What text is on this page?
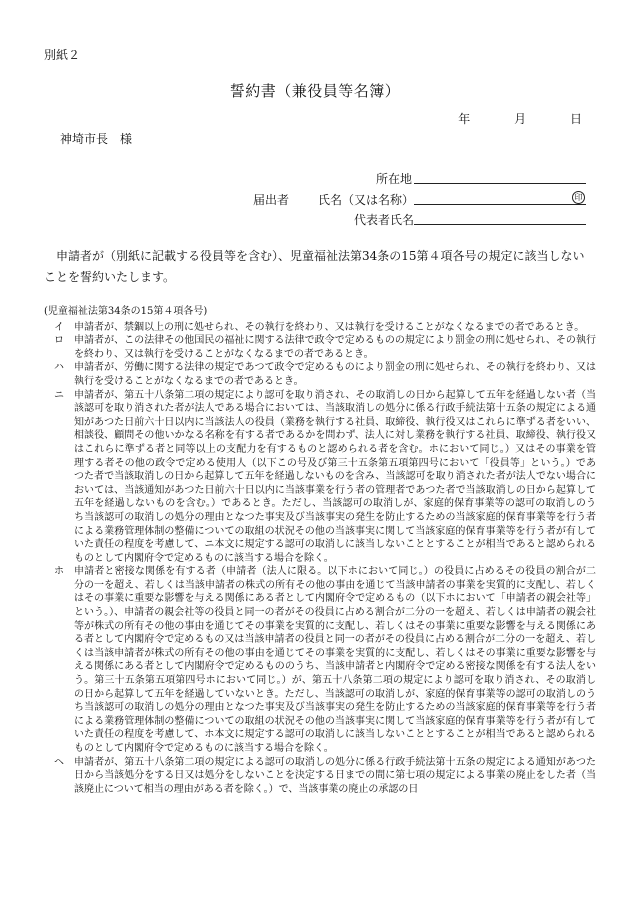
別紙２
誓約書（兼役員等名簿）
年	月	日
神埼市長　様
所在地
届出者 氏名（又は名称）	印
代表者氏名
申請者が（別紙に記載する役員等を含む）、児童福祉法第34条の15第４項各号の規定に該当しないことを誓約いたします。
(児童福祉法第34条の15第４項各号)
イ	申請者が、禁錮以上の刑に処せられ、その執行を終わり、又は執行を受けることがなくなるまでの者であるとき。
ロ	申請者が、この法律その他国民の福祉に関する法律で政令で定めるものの規定により罰金の刑に処せられ、その執行を終わり、又は執行を受けることがなくなるまでの者であるとき。
ハ	申請者が、労働に関する法律の規定であつて政令で定めるものにより罰金の刑に処せられ、その執行を終わり、又は執行を受けることがなくなるまでの者であるとき。
ニ	申請者が、第五十八条第二項の規定により認可を取り消され、その取消しの日から起算して五年を経過しない者（当該認可を取り消された者が法人である場合においては、当該取消しの処分に係る行政手続法第十五条の規定による通知があつた日前六十日以内に当該法人の役員（業務を執行する社員、取締役、執行役又はこれらに準ずる者をいい、相談役、顧問その他いかなる名称を有する者であるかを問わず、法人に対し業務を執行する社員、取締役、執行役又はこれらに準ずる者と同等以上の支配力を有するものと認められる者を含む。ホにおいて同じ。）又はその事業を管理する者その他の政令で定める使用人（以下この号及び第三十五条第五項第四号において「役員等」という。）であつた者で当該取消しの日から起算して五年を経過しないものを含み、当該認可を取り消された者が法人でない場合においては、当該通知があつた日前六十日以内に当該事業を行う者の管理者であつた者で当該取消しの日から起算して五年を経過しないものを含む。）であるとき。ただし、当該認可の取消しが、家庭的保育事業等の認可の取消しのうち当該認可の取消しの処分の理由となつた事実及び当該事実の発生を防止するための当該家庭的保育事業等を行う者による業務管理体制の整備についての取組の状況その他の当該事実に関して当該家庭的保育事業等を行う者が有していた責任の程度を考慮して、ニ本文に規定する認可の取消しに該当しないこととすることが相当であると認められるものとして内閣府令で定めるものに該当する場合を除く。
ホ	申請者と密接な関係を有する者（申請者（法人に限る。以下ホにおいて同じ。）の役員に占めるその役員の割合が二分の一を超え、若しくは当該申請者の株式の所有その他の事由を通じて当該申請者の事業を実質的に支配し、若しくはその事業に重要な影響を与える関係にある者として内閣府令で定めるもの（以下ホにおいて「申請者の親会社等」という。）、申請者の親会社等の役員と同一の者がその役員に占める割合が二分の一を超え、若しくは申請者の親会社等が株式の所有その他の事由を通じてその事業を実質的に支配し、若しくはその事業に重要な影響を与える関係にある者として内閣府令で定めるもの又は当該申請者の役員と同一の者がその役員に占める割合が二分の一を超え、若しくは当該申請者が株式の所有その他の事由を通じてその事業を実質的に支配し、若しくはその事業に重要な影響を与える関係にある者として内閣府令で定めるもののうち、当該申請者と内閣府令で定める密接な関係を有する法人をいう。第三十五条第五項第四号ホにおいて同じ。）が、第五十八条第二項の規定により認可を取り消され、その取消しの日から起算して五年を経過していないとき。ただし、当該認可の取消しが、家庭的保育事業等の認可の取消しのうち当該認可の取消しの処分の理由となつた事実及び当該事実の発生を防止するための当該家庭的保育事業等を行う者による業務管理体制の整備についての取組の状況その他の当該事実に関して当該家庭的保育事業等を行う者が有していた責任の程度を考慮して、ホ本文に規定する認可の取消しに該当しないこととすることが相当であると認められるものとして内閣府令で定めるものに該当する場合を除く。
ヘ	申請者が、第五十八条第二項の規定による認可の取消しの処分に係る行政手続法第十五条の規定による通知があつた日から当該処分をする日又は処分をしないことを決定する日までの間に第七項の規定による事業の廃止をした者（当該廃止について相当の理由がある者を除く。）で、当該事業の廃止の承認の日
